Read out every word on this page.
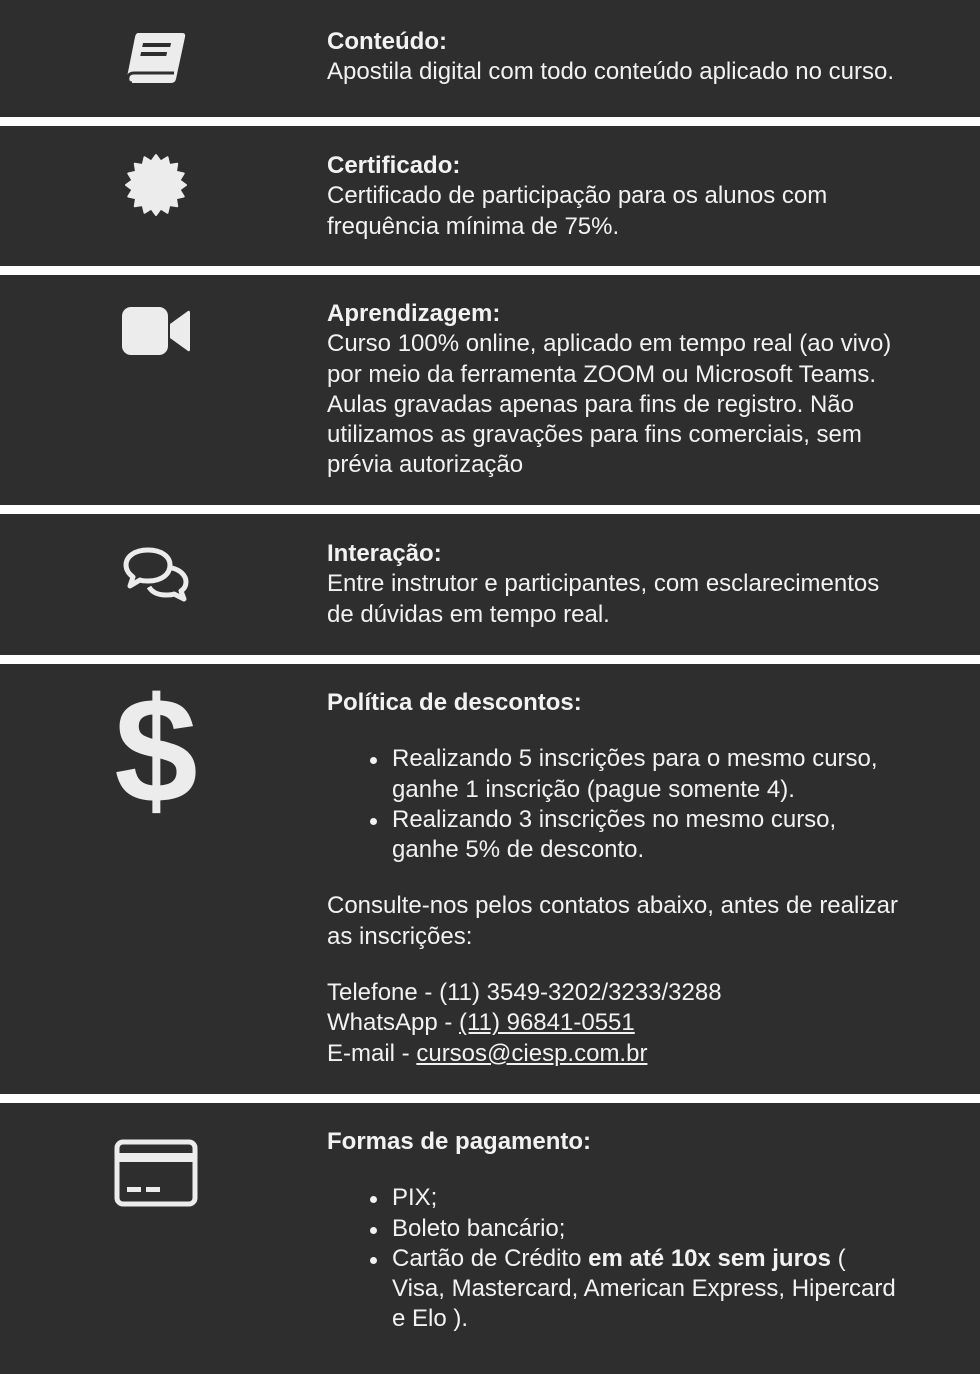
Conteúdo:
Apostila digital com todo conteúdo aplicado no curso.
Certificado:
Certificado de participação para os alunos com
frequência mínima de 75%.
Aprendizagem:
Curso 100% online, aplicado em tempo real (ao vivo)
por meio da ferramenta ZOOM ou Microsoft Teams.
Aulas gravadas apenas para fins de registro. Não
utilizamos as gravações para fins comerciais, sem
prévia autorização
Interação:
Entre instrutor e participantes, com esclarecimentos
de dúvidas em tempo real.
$	Política de descontos:
Realizando 5 inscrições para o mesmo curso,
ganhe 1 inscrição (pague somente 4).
Realizando 3 inscrições no mesmo curso,
ganhe 5% de desconto.
Consulte-nos pelos contatos abaixo, antes de realizar
as inscrições:
Telefone - (11) 3549-3202/3233/3288
WhatsApp - (11) 96841-0551
E-mail - cursos@ciesp.com.br
Formas de pagamento:
PIX;
Boleto bancário;
Cartão de Crédito em até 10x sem juros (
Visa, Mastercard, American Express, Hipercard
e Elo ).
